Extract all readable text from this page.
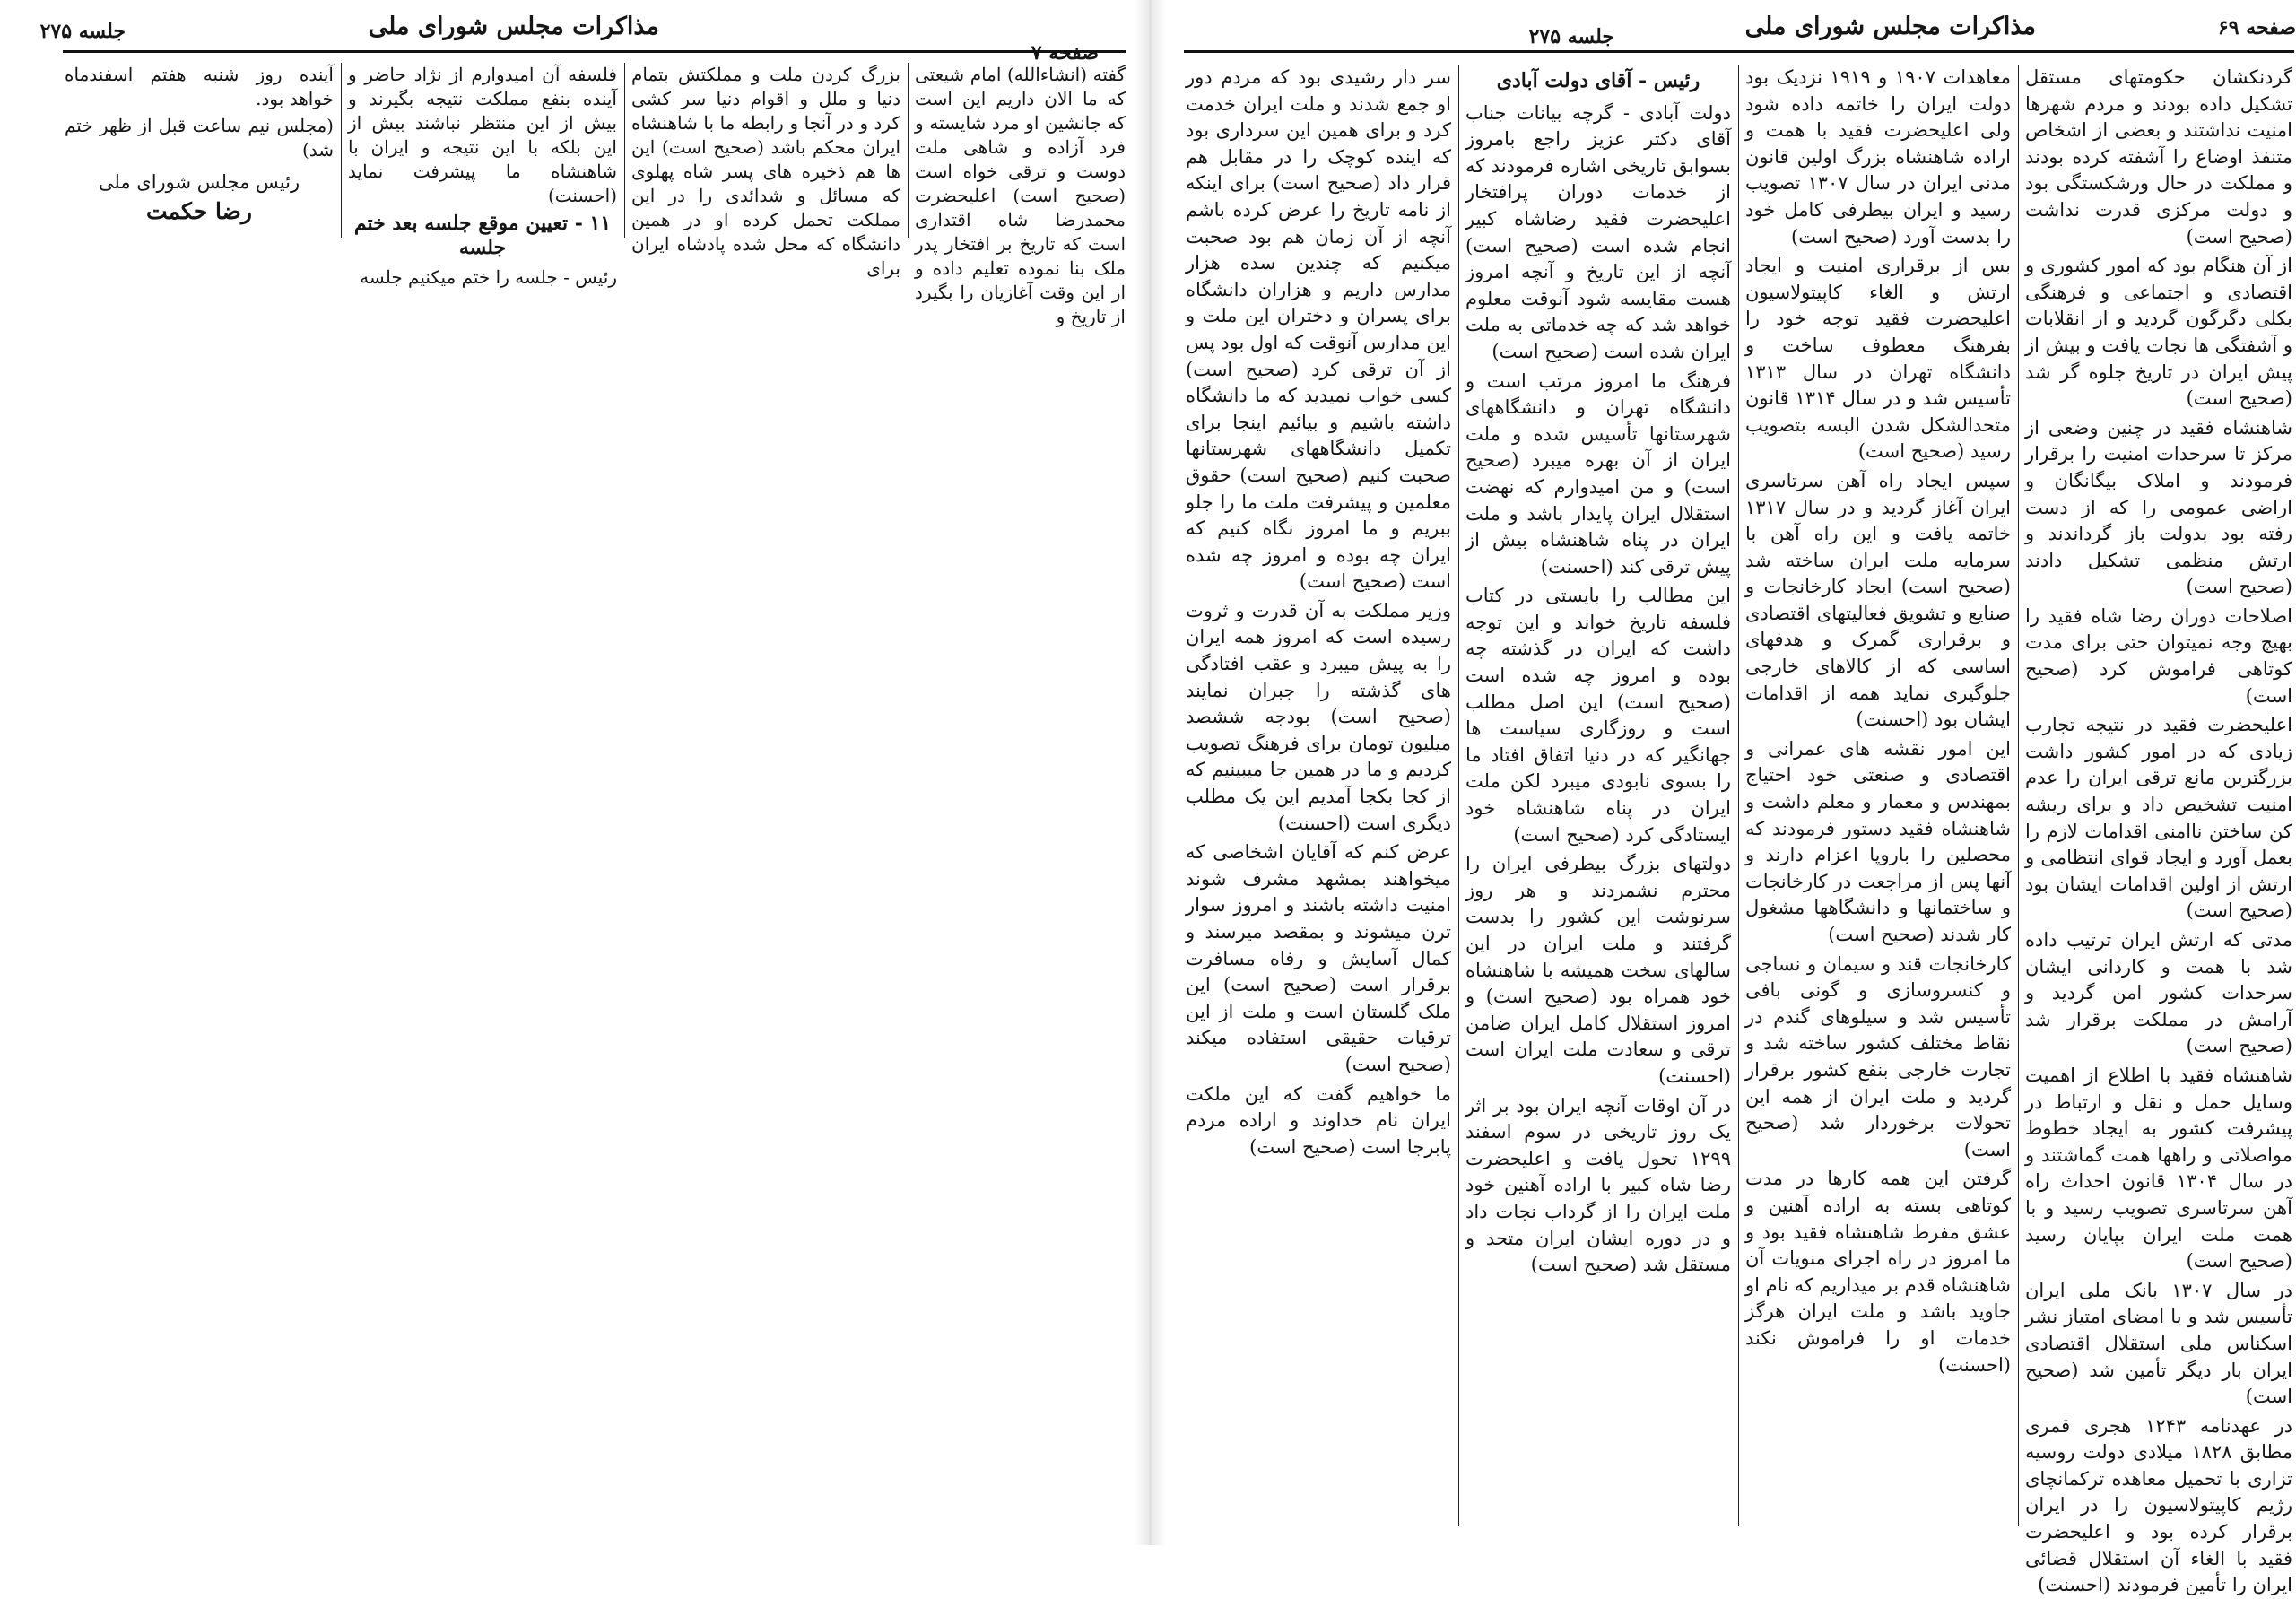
جلسه ۲۷۵	مذاکرات مجلس شورای ملی
صفحه ۷

آینده روز شنبه هفتم اسفندماه خواهد بود.

(مجلس نیم ساعت قبل از ظهر ختم شد)

رئیس مجلس شورای ملی
رضا حکمت

فلسفه آن امیدوارم از نژاد حاضر و آینده بنفع مملکت نتیجه بگیرند و بیش از این منتظر نباشند بیش از این بلکه با این نتیجه و ایران با شاهنشاه ما پیشرفت نماید (احسنت)

۱۱ - تعیین موقع جلسه بعد ختم جلسه

رئیس - جلسه را ختم میکنیم جلسه

بزرگ کردن ملت و مملکتش بتمام دنیا و ملل و اقوام دنیا سر کشی کرد و در آنجا و رابطه ما با شاهنشاه ایران محکم باشد (صحیح است) این ها هم ذخیره های پسر شاه پهلوی که مسائل و شدائدی را در این مملکت تحمل کرده او در همین دانشگاه که محل شده پادشاه ایران برای

گفته (انشاءالله) امام شیعتی که ما الان داریم این است که جانشین او مرد شایسته و فرد آزاده و شاهی ملت دوست و ترقی خواه است (صحیح است) اعلیحضرت محمدرضا شاه اقتداری است که تاریخ بر افتخار پدر ملک بنا نموده تعلیم داده و از این وقت آغازیان را بگیرد از تاریخ و

جلسه ۲۷۵	مذاکرات مجلس شورای ملی	صفحه ۶۹

سر دار رشیدی بود که مردم دور او جمع شدند و ملت ایران خدمت کرد و برای همین این سرداری بود که اینده کوچک را در مقابل هم قرار داد (صحیح است) برای اینکه از نامه تاریخ را عرض کرده باشم آنچه از آن زمان هم بود صحبت میکنیم که چندین سده هزار مدارس داریم و هزاران دانشگاه برای پسران و دختران این ملت و این مدارس آنوقت که اول بود پس از آن ترقی کرد (صحیح است) کسی خواب نمیدید که ما دانشگاه داشته باشیم و بیائیم اینجا برای تکمیل دانشگاههای شهرستانها صحبت کنیم (صحیح است) حقوق معلمین و پیشرفت ملت ما را جلو ببریم و ما امروز نگاه کنیم که ایران چه بوده و امروز چه شده است (صحیح است)

وزیر مملکت به آن قدرت و ثروت رسیده است که امروز همه ایران را به پیش میبرد و عقب افتادگی های گذشته را جبران نمایند (صحیح است) بودجه ششصد میلیون تومان برای فرهنگ تصویب کردیم و ما در همین جا میبینیم که از کجا بکجا آمدیم این یک مطلب دیگری است (احسنت)

عرض کنم که آقایان اشخاصی که میخواهند بمشهد مشرف شوند امنیت داشته باشند و امروز سوار ترن میشوند و بمقصد میرسند و کمال آسایش و رفاه مسافرت برقرار است (صحیح است) این ملک گلستان است و ملت از این ترقیات حقیقی استفاده میکند (صحیح است)

ما خواهیم گفت که این ملکت ایران نام خداوند و اراده مردم پابرجا است (صحیح است)

رئیس - آقای دولت آبادی

دولت آبادی - گرچه بیانات جناب آقای دکتر عزیز راجع بامروز بسوابق تاریخی اشاره فرمودند که از خدمات دوران پرافتخار اعلیحضرت فقید رضاشاه کبیر انجام شده است (صحیح است) آنچه از این تاریخ و آنچه امروز هست مقایسه شود آنوقت معلوم خواهد شد که چه خدماتی به ملت ایران شده است (صحیح است)

فرهنگ ما امروز مرتب است و دانشگاه تهران و دانشگاههای شهرستانها تأسیس شده و ملت ایران از آن بهره میبرد (صحیح است) و من امیدوارم که نهضت استقلال ایران پایدار باشد و ملت ایران در پناه شاهنشاه بیش از پیش ترقی کند (احسنت)

این مطالب را بایستی در کتاب فلسفه تاریخ خواند و این توجه داشت که ایران در گذشته چه بوده و امروز چه شده است (صحیح است) این اصل مطلب است و روزگاری سیاست ها جهانگیر که در دنیا اتفاق افتاد ما را بسوی نابودی میبرد لکن ملت ایران در پناه شاهنشاه خود ایستادگی کرد (صحیح است)

دولتهای بزرگ بیطرفی ایران را محترم نشمردند و هر روز سرنوشت این کشور را بدست گرفتند و ملت ایران در این سالهای سخت همیشه با شاهنشاه خود همراه بود (صحیح است) و امروز استقلال کامل ایران ضامن ترقی و سعادت ملت ایران است (احسنت)

در آن اوقات آنچه ایران بود بر اثر یک روز تاریخی در سوم اسفند ۱۲۹۹ تحول یافت و اعلیحضرت رضا شاه کبیر با اراده آهنین خود ملت ایران را از گرداب نجات داد و در دوره ایشان ایران متحد و مستقل شد (صحیح است)

معاهدات ۱۹۰۷ و ۱۹۱۹ نزدیک بود دولت ایران را خاتمه داده شود ولی اعلیحضرت فقید با همت و اراده شاهنشاه بزرگ اولین قانون مدنی ایران در سال ۱۳۰۷ تصویب رسید و ایران بیطرفی کامل خود را بدست آورد (صحیح است)

بس از برقراری امنیت و ایجاد ارتش و الغاء کاپیتولاسیون اعلیحضرت فقید توجه خود را بفرهنگ معطوف ساخت و دانشگاه تهران در سال ۱۳۱۳ تأسیس شد و در سال ۱۳۱۴ قانون متحدالشکل شدن البسه بتصویب رسید (صحیح است)

سپس ایجاد راه آهن سرتاسری ایران آغاز گردید و در سال ۱۳۱۷ خاتمه یافت و این راه آهن با سرمایه ملت ایران ساخته شد (صحیح است) ایجاد کارخانجات و صنایع و تشویق فعالیتهای اقتصادی و برقراری گمرک و هدفهای اساسی که از کالاهای خارجی جلوگیری نماید همه از اقدامات ایشان بود (احسنت)

این امور نقشه های عمرانی و اقتصادی و صنعتی خود احتیاج بمهندس و معمار و معلم داشت و شاهنشاه فقید دستور فرمودند که محصلین را باروپا اعزام دارند و آنها پس از مراجعت در کارخانجات و ساختمانها و دانشگاهها مشغول کار شدند (صحیح است)

کارخانجات قند و سیمان و نساجی و کنسروسازی و گونی بافی تأسیس شد و سیلوهای گندم در نقاط مختلف کشور ساخته شد و تجارت خارجی بنفع کشور برقرار گردید و ملت ایران از همه این تحولات برخوردار شد (صحیح است)

گرفتن این همه کارها در مدت کوتاهی بسته به اراده آهنین و عشق مفرط شاهنشاه فقید بود و ما امروز در راه اجرای منویات آن شاهنشاه قدم بر میداریم که نام او جاوید باشد و ملت ایران هرگز خدمات او را فراموش نکند (احسنت)

گردنکشان حکومتهای مستقل تشکیل داده بودند و مردم شهرها امنیت نداشتند و بعضی از اشخاص متنفذ اوضاع را آشفته کرده بودند و مملکت در حال ورشکستگی بود و دولت مرکزی قدرت نداشت (صحیح است)

از آن هنگام بود که امور کشوری و اقتصادی و اجتماعی و فرهنگی بکلی دگرگون گردید و از انقلابات و آشفتگی ها نجات یافت و بیش از پیش ایران در تاریخ جلوه گر شد (صحیح است)

شاهنشاه فقید در چنین وضعی از مرکز تا سرحدات امنیت را برقرار فرمودند و املاک بیگانگان و اراضی عمومی را که از دست رفته بود بدولت باز گرداندند و ارتش منظمی تشکیل دادند (صحیح است)

اصلاحات دوران رضا شاه فقید را بهیچ وجه نمیتوان حتی برای مدت کوتاهی فراموش کرد (صحیح است)

اعلیحضرت فقید در نتیجه تجارب زیادی که در امور کشور داشت بزرگترین مانع ترقی ایران را عدم امنیت تشخیص داد و برای ریشه کن ساختن ناامنی اقدامات لازم را بعمل آورد و ایجاد قوای انتظامی و ارتش از اولین اقدامات ایشان بود (صحیح است)

مدتی که ارتش ایران ترتیب داده شد با همت و کاردانی ایشان سرحدات کشور امن گردید و آرامش در مملکت برقرار شد (صحیح است)

شاهنشاه فقید با اطلاع از اهمیت وسایل حمل و نقل و ارتباط در پیشرفت کشور به ایجاد خطوط مواصلاتی و راهها همت گماشتند و در سال ۱۳۰۴ قانون احداث راه آهن سرتاسری تصویب رسید و با همت ملت ایران بپایان رسید (صحیح است)

در سال ۱۳۰۷ بانک ملی ایران تأسیس شد و با امضای امتیاز نشر اسکناس ملی استقلال اقتصادی ایران بار دیگر تأمین شد (صحیح است)

در عهدنامه ۱۲۴۳ هجری قمری مطابق ۱۸۲۸ میلادی دولت روسیه تزاری با تحمیل معاهده ترکمانچای رژیم کاپیتولاسیون را در ایران برقرار کرده بود و اعلیحضرت فقید با الغاء آن استقلال قضائی ایران را تأمین فرمودند (احسنت)
